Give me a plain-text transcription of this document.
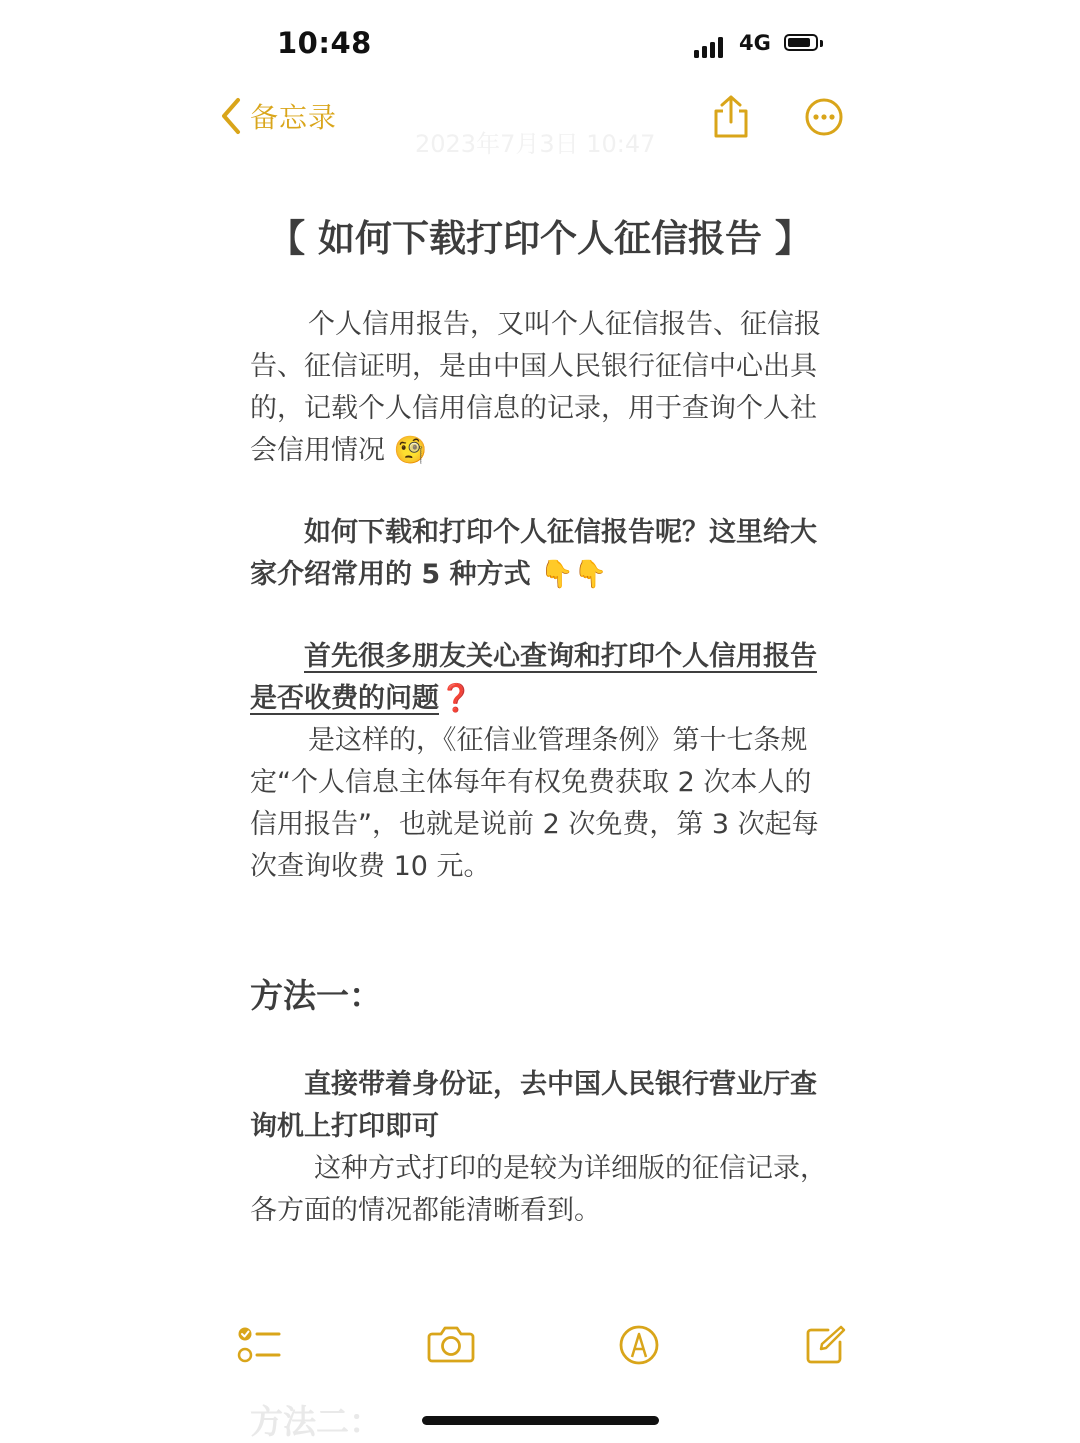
10:48	4G
备忘录
2023年7月3日 10:47
【 如何下载打印个人征信报告 】
个人信用报告，又叫个人征信报告、征信报告、征信证明，是由中国人民银行征信中心出具的，记载个人信用信息的记录，用于查询个人社会信用情况 🧐
如何下载和打印个人征信报告呢？这里给大家介绍常用的 5 种方式 👇👇
首先很多朋友关心查询和打印个人信用报告是否收费的问题❓
是这样的，《征信业管理条例》第十七条规定“个人信息主体每年有权免费获取 2 次本人的信用报告”，也就是说前 2 次免费，第 3 次起每次查询收费 10 元。
方法一：
直接带着身份证，去中国人民银行营业厅查询机上打印即可
这种方式打印的是较为详细版的征信记录，各方面的情况都能清晰看到。
方法二：
